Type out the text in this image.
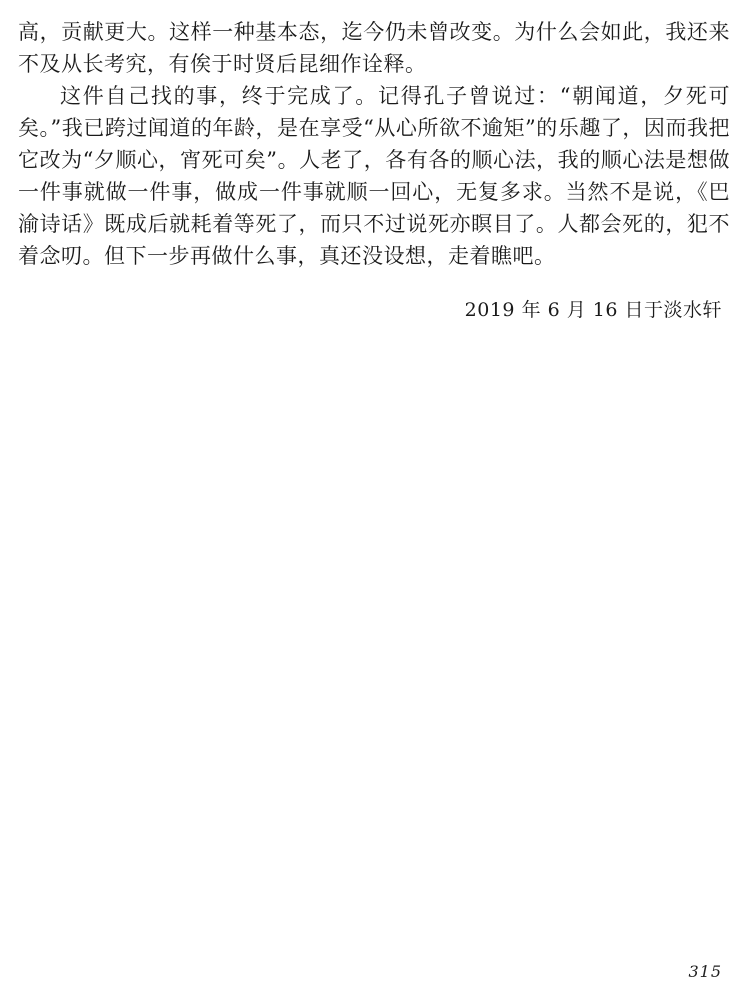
高，贡献更大。这样一种基本态，迄今仍未曾改变。为什么会如此，我还来不及从长考究，有俟于时贤后昆细作诠释。

这件自己找的事，终于完成了。记得孔子曾说过：“朝闻道，夕死可矣。”我已跨过闻道的年龄，是在享受“从心所欲不逾矩”的乐趣了，因而我把它改为“夕顺心，宵死可矣”。人老了，各有各的顺心法，我的顺心法是想做一件事就做一件事，做成一件事就顺一回心，无复多求。当然不是说，《巴渝诗话》既成后就耗着等死了，而只不过说死亦瞑目了。人都会死的，犯不着念叨。但下一步再做什么事，真还没设想，走着瞧吧。

2019 年 6 月 16 日于淡水轩
315
